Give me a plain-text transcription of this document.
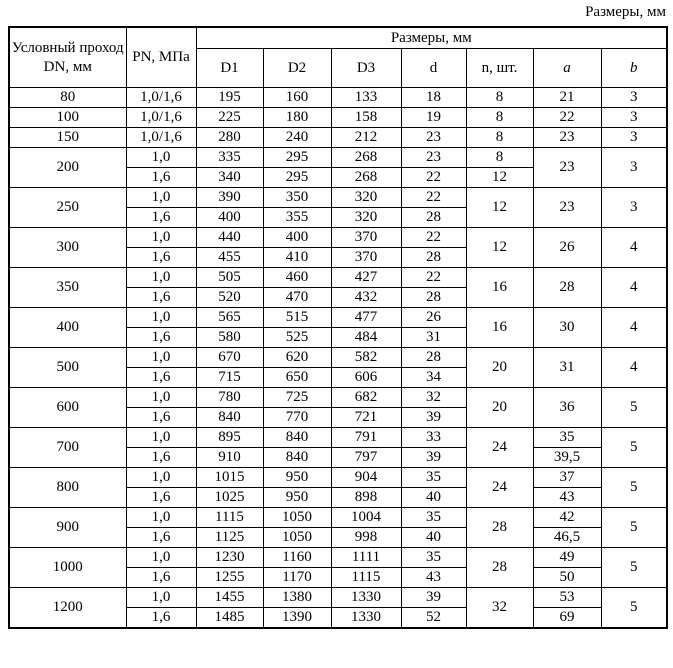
Размеры, мм
Условный проход DN, мм	PN, МПа	Размеры, мм						
		D1	D2	D3	d	n, шт.	a	b
80	1,0/1,6	195	160	133	18	8	21	3
100	1,0/1,6	225	180	158	19	8	22	3
150	1,0/1,6	280	240	212	23	8	23	3
200	1,0	335	295	268	23	8	23	3
	1,6	340	295	268	22	12		
250	1,0	390	350	320	22	12	23	3
	1,6	400	355	320	28			
300	1,0	440	400	370	22	12	26	4
	1,6	455	410	370	28			
350	1,0	505	460	427	22	16	28	4
	1,6	520	470	432	28			
400	1,0	565	515	477	26	16	30	4
	1,6	580	525	484	31			
500	1,0	670	620	582	28	20	31	4
	1,6	715	650	606	34			
600	1,0	780	725	682	32	20	36	5
	1,6	840	770	721	39			
700	1,0	895	840	791	33	24	35	5
	1,6	910	840	797	39		39,5	
800	1,0	1015	950	904	35	24	37	5
	1,6	1025	950	898	40		43	
900	1,0	1115	1050	1004	35	28	42	5
	1,6	1125	1050	998	40		46,5	
1000	1,0	1230	1160	1111	35	28	49	5
	1,6	1255	1170	1115	43		50	
1200	1,0	1455	1380	1330	39	32	53	5
	1,6	1485	1390	1330	52		69	
